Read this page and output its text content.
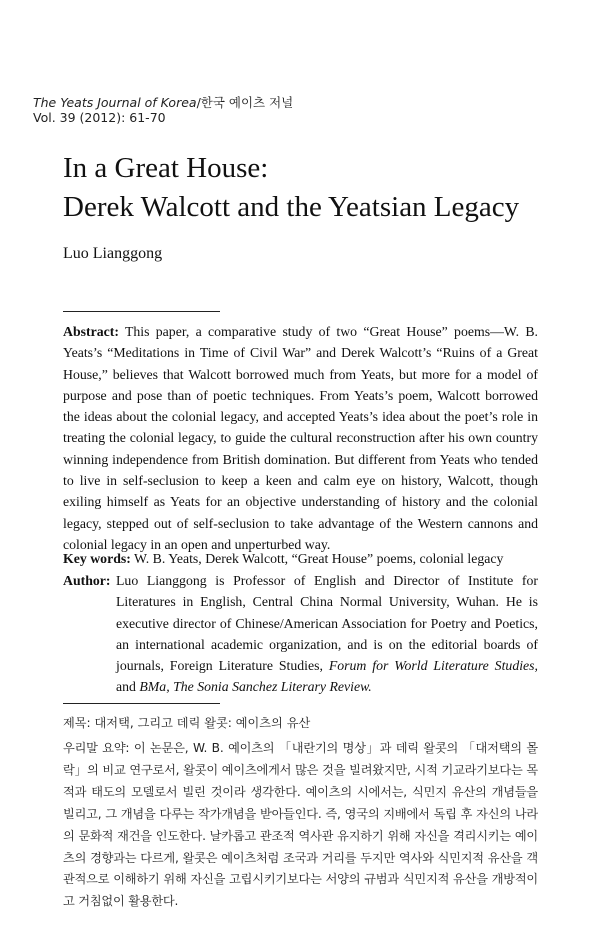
The Yeats Journal of Korea/한국 예이츠 저널
Vol. 39 (2012): 61-70
In a Great House:
Derek Walcott and the Yeatsian Legacy
Luo Lianggong
Abstract: This paper, a comparative study of two “Great House” poems—W. B. Yeats’s “Meditations in Time of Civil War” and Derek Walcott’s “Ruins of a Great House,” believes that Walcott borrowed much from Yeats, but more for a model of purpose and pose than of poetic techniques. From Yeats’s poem, Walcott borrowed the ideas about the colonial legacy, and accepted Yeats’s idea about the poet’s role in treating the colonial legacy, to guide the cultural reconstruction after his own country winning independence from British domination. But different from Yeats who tended to live in self-seclusion to keep a keen and calm eye on history, Walcott, though exiling himself as Yeats for an objective understanding of history and the colonial legacy, stepped out of self-seclusion to take advantage of the Western cannons and colonial legacy in an open and unperturbed way.
Key words: W. B. Yeats, Derek Walcott, “Great House” poems, colonial legacy
Author: Luo Lianggong is Professor of English and Director of Institute for Literatures in English, Central China Normal University, Wuhan. He is executive director of Chinese/American Association for Poetry and Poetics, an international academic organization, and is on the editorial boards of journals, Foreign Literature Studies, Forum for World Literature Studies, and BMa, The Sonia Sanchez Literary Review.
제목: 대저택, 그리고 데릭 왈콧: 예이츠의 유산
우리말 요약: 이 논문은, W. B. 예이츠의 「내란기의 명상」과 데릭 왈콧의 「대저택의 몰락」의 비교 연구로서, 왈콧이 예이츠에게서 많은 것을 빌려왔지만, 시적 기교라기보다는 목적과 태도의 모델로서 빌린 것이라 생각한다. 예이츠의 시에서는, 식민지 유산의 개념들을 빌리고, 그 개념을 다루는 작가개념을 받아들인다. 즉, 영국의 지배에서 독립 후 자신의 나라의 문화적 재건을 인도한다. 날카롭고 관조적 역사관 유지하기 위해 자신을 격리시키는 예이츠의 경향과는 다르게, 왈콧은 예이츠처럼 조국과 거리를 두지만 역사와 식민지적 유산을 객관적으로 이해하기 위해 자신을 고립시키기보다는 서양의 규범과 식민지적 유산을 개방적이고 거침없이 활용한다.
